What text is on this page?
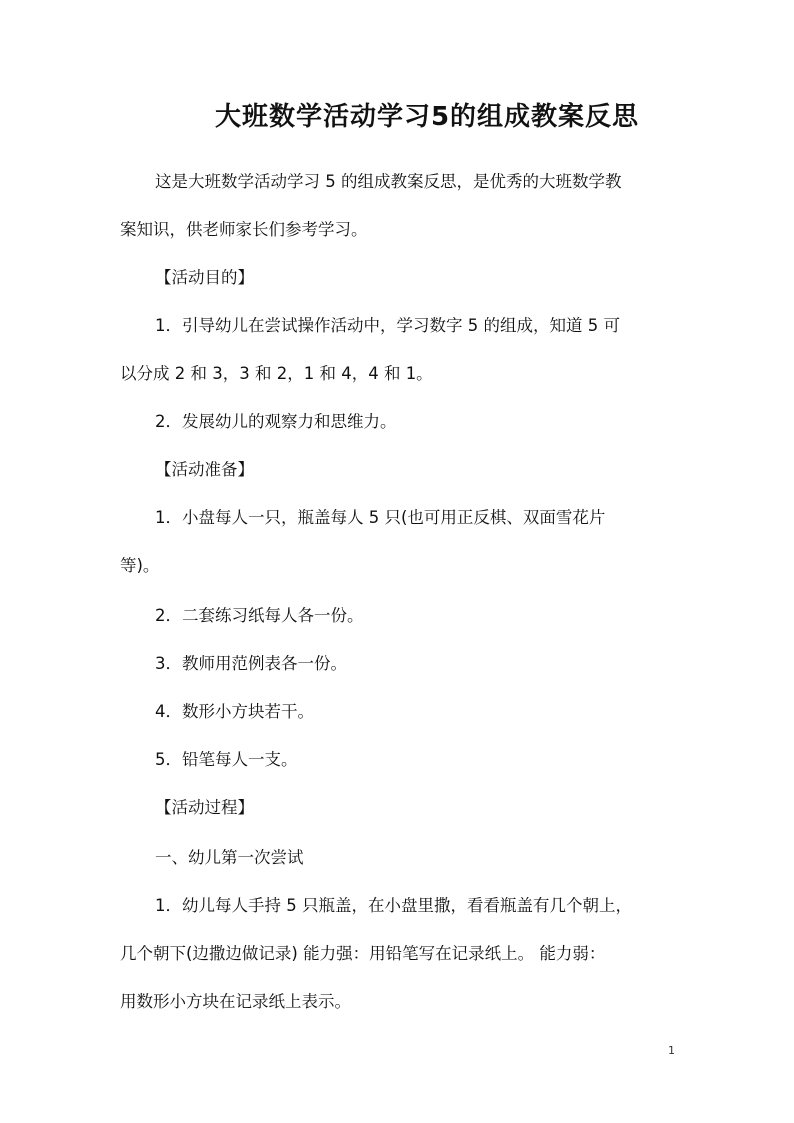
大班数学活动学习5的组成教案反思
这是大班数学活动学习 5 的组成教案反思，是优秀的大班数学教
案知识，供老师家长们参考学习。
【活动目的】
1．引导幼儿在尝试操作活动中，学习数字 5 的组成，知道 5 可
以分成 2 和 3，3 和 2，1 和 4，4 和 1。
2．发展幼儿的观察力和思维力。
【活动准备】
1．小盘每人一只，瓶盖每人 5 只(也可用正反棋、双面雪花片
等)。
2．二套练习纸每人各一份。
3．教师用范例表各一份。
4．数形小方块若干。
5．铅笔每人一支。
【活动过程】
一、幼儿第一次尝试
1．幼儿每人手持 5 只瓶盖，在小盘里撒，看看瓶盖有几个朝上，
几个朝下(边撒边做记录) 能力强：用铅笔写在记录纸上。 能力弱：
用数形小方块在记录纸上表示。
1
